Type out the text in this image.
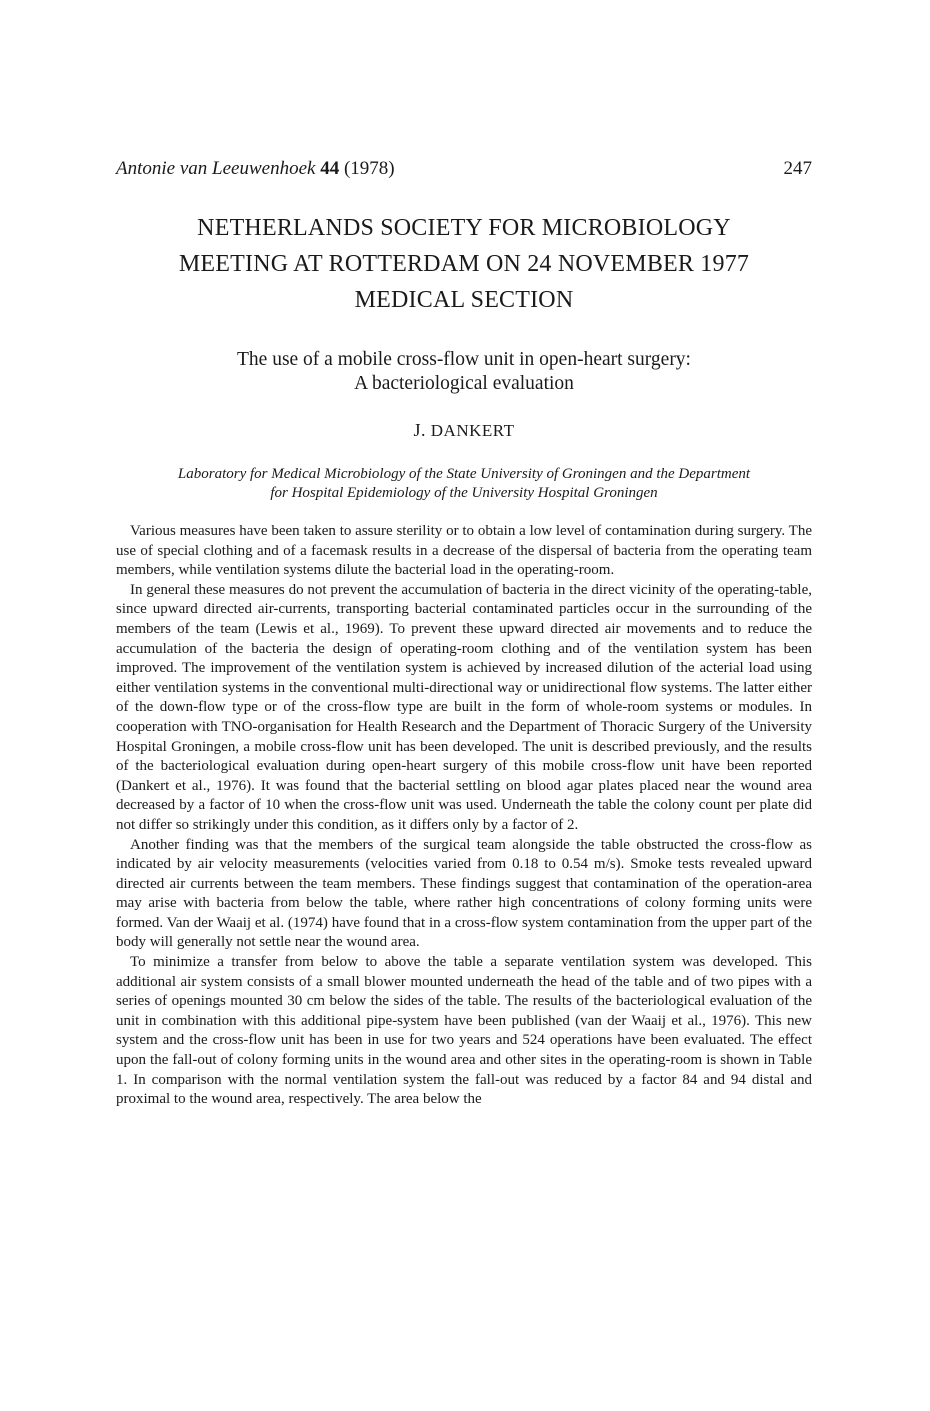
Antonie van Leeuwenhoek 44 (1978)	247
NETHERLANDS SOCIETY FOR MICROBIOLOGY
MEETING AT ROTTERDAM ON 24 NOVEMBER 1977
MEDICAL SECTION
The use of a mobile cross-flow unit in open-heart surgery:
A bacteriological evaluation
J. DANKERT
Laboratory for Medical Microbiology of the State University of Groningen and the Department
for Hospital Epidemiology of the University Hospital Groningen

Various measures have been taken to assure sterility or to obtain a low level of contamination during surgery. The use of special clothing and of a facemask results in a decrease of the dispersal of bacteria from the operating team members, while ventilation systems dilute the bacterial load in the operating-room.

In general these measures do not prevent the accumulation of bacteria in the direct vicinity of the operating-table, since upward directed air-currents, transporting bacterial contaminated particles occur in the surrounding of the members of the team (Lewis et al., 1969). To prevent these upward directed air movements and to reduce the accumulation of the bacteria the design of operating-room clothing and of the ventilation system has been improved. The improvement of the ventilation system is achieved by increased dilution of the acterial load using either ventilation systems in the conventional multi-directional way or unidirectional flow systems. The latter either of the down-flow type or of the cross-flow type are built in the form of whole-room systems or modules. In cooperation with TNO-organisation for Health Research and the Department of Thoracic Surgery of the University Hospital Groningen, a mobile cross-flow unit has been developed. The unit is described previously, and the results of the bacteriological evaluation during open-heart surgery of this mobile cross-flow unit have been reported (Dankert et al., 1976). It was found that the bacterial settling on blood agar plates placed near the wound area decreased by a factor of 10 when the cross-flow unit was used. Underneath the table the colony count per plate did not differ so strikingly under this condition, as it differs only by a factor of 2.

Another finding was that the members of the surgical team alongside the table obstructed the cross-flow as indicated by air velocity measurements (velocities varied from 0.18 to 0.54 m/s). Smoke tests revealed upward directed air currents between the team members. These findings suggest that contamination of the operation-area may arise with bacteria from below the table, where rather high concentrations of colony forming units were formed. Van der Waaij et al. (1974) have found that in a cross-flow system contamination from the upper part of the body will generally not settle near the wound area.

To minimize a transfer from below to above the table a separate ventilation system was developed. This additional air system consists of a small blower mounted underneath the head of the table and of two pipes with a series of openings mounted 30 cm below the sides of the table. The results of the bacteriological evaluation of the unit in combination with this additional pipe-system have been published (van der Waaij et al., 1976). This new system and the cross-flow unit has been in use for two years and 524 operations have been evaluated. The effect upon the fall-out of colony forming units in the wound area and other sites in the operating-room is shown in Table 1. In comparison with the normal ventilation system the fall-out was reduced by a factor 84 and 94 distal and proximal to the wound area, respectively. The area below the
